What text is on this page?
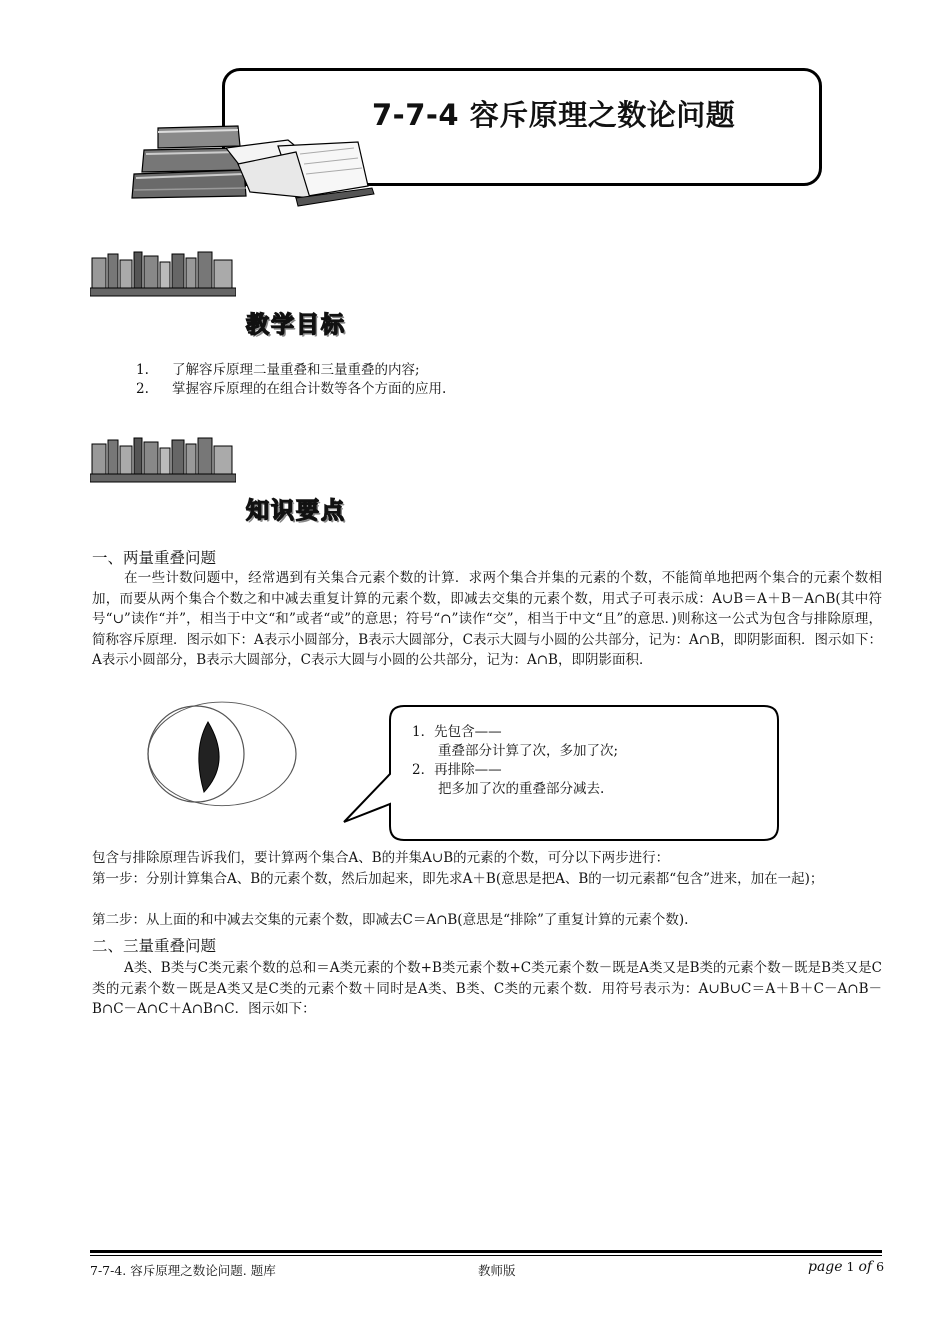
7-7-4 容斥原理之数论问题
教学目标
1. 了解容斥原理二量重叠和三量重叠的内容;
2. 掌握容斥原理的在组合计数等各个方面的应用.
知识要点
一、两量重叠问题
在一些计数问题中，经常遇到有关集合元素个数的计算．求两个集合并集的元素的个数，不能简单地把两个集合的元素个数相加，而要从两个集合个数之和中减去重复计算的元素个数，即减去交集的元素个数，用式子可表示成：A∪B＝A＋B－A∩B(其中符号“∪”读作“并”，相当于中文“和”或者“或”的意思；符号“∩”读作“交”，相当于中文“且”的意思．)则称这一公式为包含与排除原理，简称容斥原理．图示如下：A表示小圆部分，B表示大圆部分，C表示大圆与小圆的公共部分，记为：A∩B，即阴影面积．图示如下：A表示小圆部分，B表示大圆部分，C表示大圆与小圆的公共部分，记为：A∩B，即阴影面积．
1．先包含——
重叠部分计算了次，多加了次;
2．再排除——
把多加了次的重叠部分减去.
包含与排除原理告诉我们，要计算两个集合A、B的并集A∪B的元素的个数，可分以下两步进行：
第一步： 分别计算集合A、B的元素个数，然后加起来，即先求A＋B(意思是把A、B的一切元素都“包含”进来，加在一起)；
第二步： 从上面的和中减去交集的元素个数，即减去C＝A∩B(意思是“排除”了重复计算的元素个数).
二、三量重叠问题
A类、B类与C类元素个数的总和＝A类元素的个数+B类元素个数+C类元素个数－既是A类又是B类的元素个数－既是B类又是C类的元素个数－既是A类又是C类的元素个数＋同时是A类、B类、C类的元素个数．用符号表示为：A∪B∪C＝A＋B＋C－A∩B－B∩C－A∩C＋A∩B∩C．图示如下：
7-7-4. 容斥原理之数论问题. 题库	教师版	page 1 of 6
